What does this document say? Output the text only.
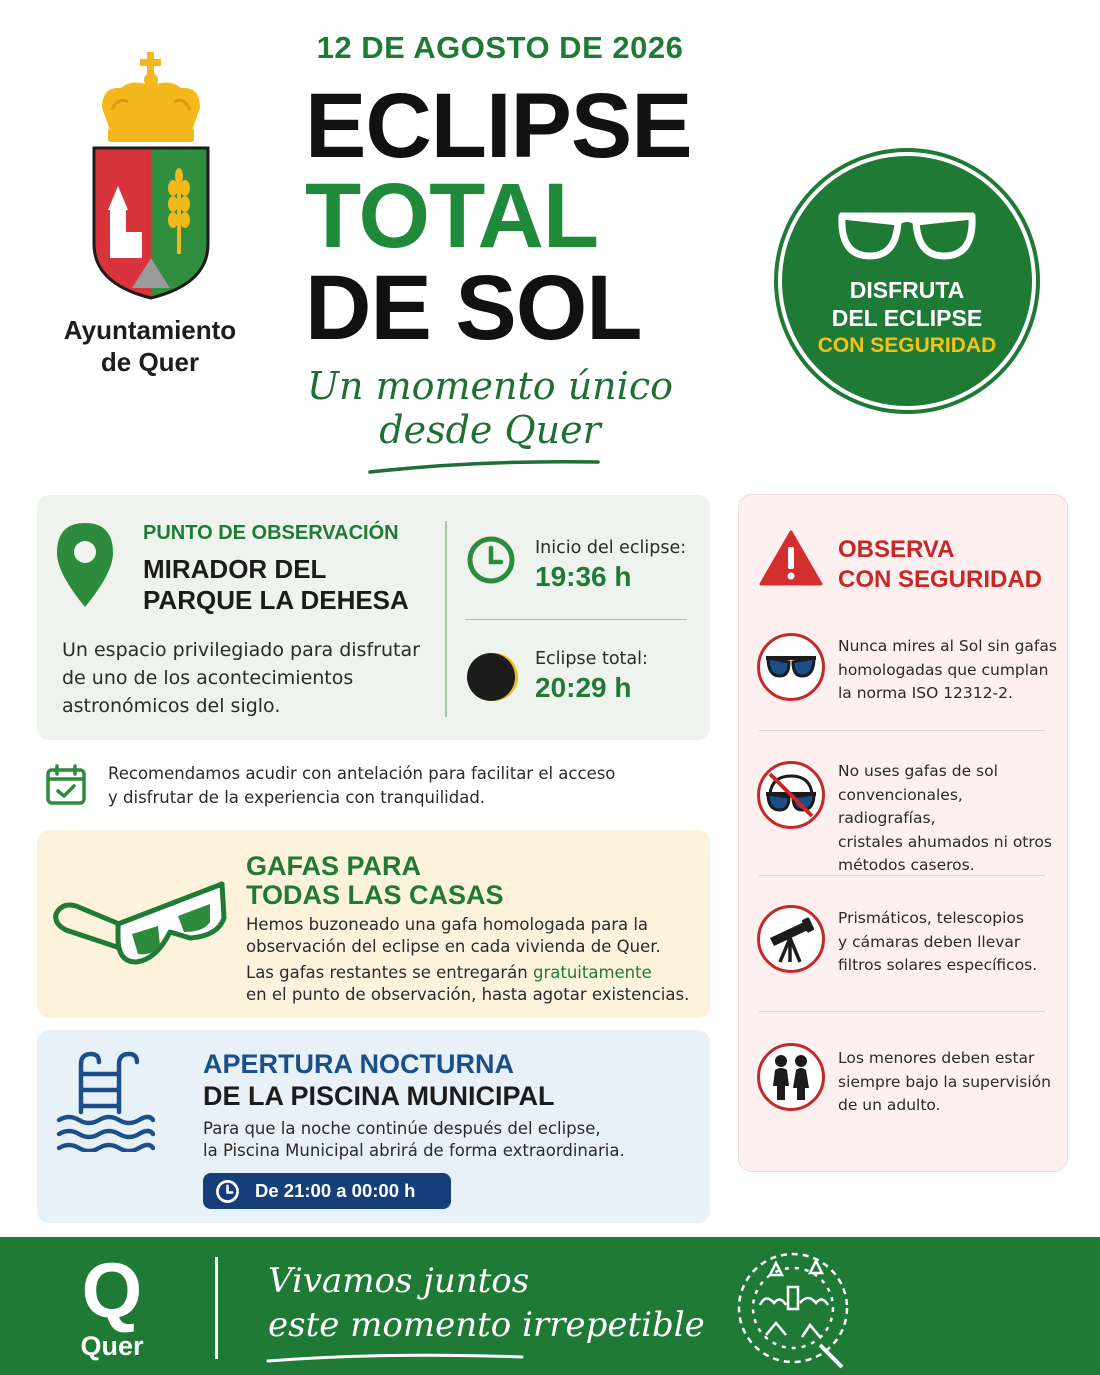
Ayuntamiento
de Quer
12 DE AGOSTO DE 2026
ECLIPSE
TOTAL
DE SOL
Un momento único
desde Quer
DISFRUTA
DEL ECLIPSE
CON SEGURIDAD
PUNTO DE OBSERVACIÓN
MIRADOR DEL
PARQUE LA DEHESA
Un espacio privilegiado para disfrutar
de uno de los acontecimientos
astronómicos del siglo.
Inicio del eclipse:
19:36 h
Eclipse total:
20:29 h
Recomendamos acudir con antelación para facilitar el acceso
y disfrutar de la experiencia con tranquilidad.
GAFAS PARA
TODAS LAS CASAS
Hemos buzoneado una gafa homologada para la
observación del eclipse en cada vivienda de Quer.
Las gafas restantes se entregarán gratuitamente
en el punto de observación, hasta agotar existencias.
APERTURA NOCTURNA
DE LA PISCINA MUNICIPAL
Para que la noche continúe después del eclipse,
la Piscina Municipal abrirá de forma extraordinaria.
De 21:00 a 00:00 h
OBSERVA
CON SEGURIDAD
Nunca mires al Sol sin gafas
homologadas que cumplan
la norma ISO 12312-2.
No uses gafas de sol
convencionales, radiografías,
cristales ahumados ni otros
métodos caseros.
Prismáticos, telescopios
y cámaras deben llevar
filtros solares específicos.
Los menores deben estar
siempre bajo la supervisión
de un adulto.
Q
Quer
Vivamos juntos
este momento irrepetible
